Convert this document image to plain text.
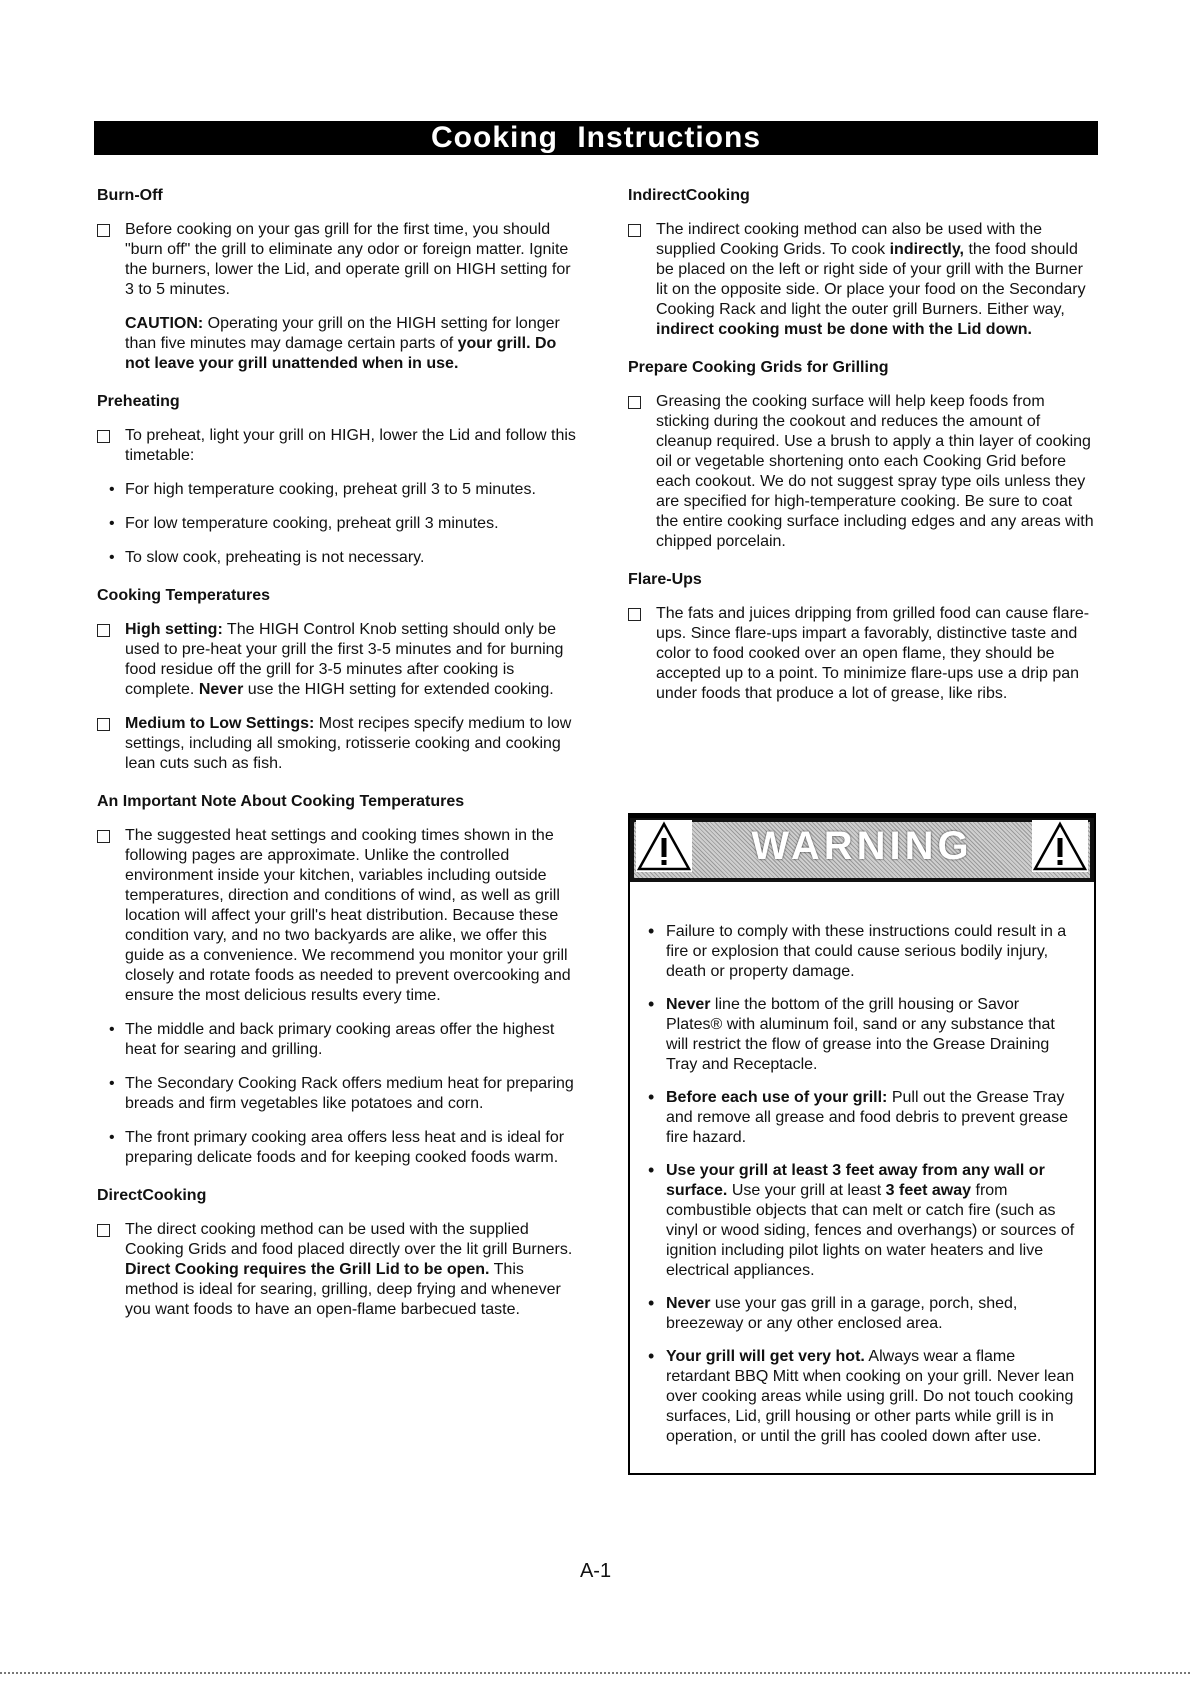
Cooking Instructions
Burn-Off

Before cooking on your gas grill for the first time, you should "burn off" the grill to eliminate any odor or foreign matter. Ignite the burners, lower the Lid, and operate grill on HIGH setting for 3 to 5 minutes.

CAUTION: Operating your grill on the HIGH setting for longer than five minutes may damage certain parts of your grill. Do not leave your grill unattended when in use.
Preheating

To preheat, light your grill on HIGH, lower the Lid and follow this timetable:

• For high temperature cooking, preheat grill 3 to 5 minutes.

• For low temperature cooking, preheat grill 3 minutes.

• To slow cook, preheating is not necessary.

Cooking Temperatures

High setting: The HIGH Control Knob setting should only be used to pre-heat your grill the first 3-5 minutes and for burning food residue off the grill for 3-5 minutes after cooking is complete. Never use the HIGH setting for extended cooking.

Medium to Low Settings: Most recipes specify medium to low settings, including all smoking, rotisserie cooking and cooking lean cuts such as fish.

An Important Note About Cooking Temperatures

The suggested heat settings and cooking times shown in the following pages are approximate. Unlike the controlled environment inside your kitchen, variables including outside temperatures, direction and conditions of wind, as well as grill location will affect your grill's heat distribution. Because these condition vary, and no two backyards are alike, we offer this guide as a convenience. We recommend you monitor your grill closely and rotate foods as needed to prevent overcooking and ensure the most delicious results every time.

• The middle and back primary cooking areas offer the highest heat for searing and grilling.

• The Secondary Cooking Rack offers medium heat for preparing breads and firm vegetables like potatoes and corn.

• The front primary cooking area offers less heat and is ideal for preparing delicate foods and for keeping cooked foods warm.

DirectCooking

The direct cooking method can be used with the supplied Cooking Grids and food placed directly over the lit grill Burners. Direct Cooking requires the Grill Lid to be open. This method is ideal for searing, grilling, deep frying and whenever you want foods to have an open-flame barbecued taste.

IndirectCooking

The indirect cooking method can also be used with the supplied Cooking Grids. To cook indirectly, the food should be placed on the left or right side of your grill with the Burner lit on the opposite side. Or place your food on the Secondary Cooking Rack and light the outer grill Burners. Either way, indirect cooking must be done with the Lid down.

Prepare Cooking Grids for Grilling

Greasing the cooking surface will help keep foods from sticking during the cookout and reduces the amount of cleanup required. Use a brush to apply a thin layer of cooking oil or vegetable shortening onto each Cooking Grid before each cookout. We do not suggest spray type oils unless they are specified for high-temperature cooking. Be sure to coat the entire cooking surface including edges and any areas with chipped porcelain.

Flare-Ups

The fats and juices dripping from grilled food can cause flare-ups. Since flare-ups impart a favorably, distinctive taste and color to food cooked over an open flame, they should be accepted up to a point. To minimize flare-ups use a drip pan under foods that produce a lot of grease, like ribs.

WARNING
• Failure to comply with these instructions could result in a fire or explosion that could cause serious bodily injury, death or property damage.

• Never line the bottom of the grill housing or Savor Plates® with aluminum foil, sand or any substance that will restrict the flow of grease into the Grease Draining Tray and Receptacle.

• Before each use of your grill: Pull out the Grease Tray and remove all grease and food debris to prevent grease fire hazard.

• Use your grill at least 3 feet away from any wall or surface. Use your grill at least 3 feet away from combustible objects that can melt or catch fire (such as vinyl or wood siding, fences and overhangs) or sources of ignition including pilot lights on water heaters and live electrical appliances.

• Never use your gas grill in a garage, porch, shed, breezeway or any other enclosed area.

• Your grill will get very hot. Always wear a flame retardant BBQ Mitt when cooking on your grill. Never lean over cooking areas while using grill. Do not touch cooking surfaces, Lid, grill housing or other parts while grill is in operation, or until the grill has cooled down after use.

A-1
